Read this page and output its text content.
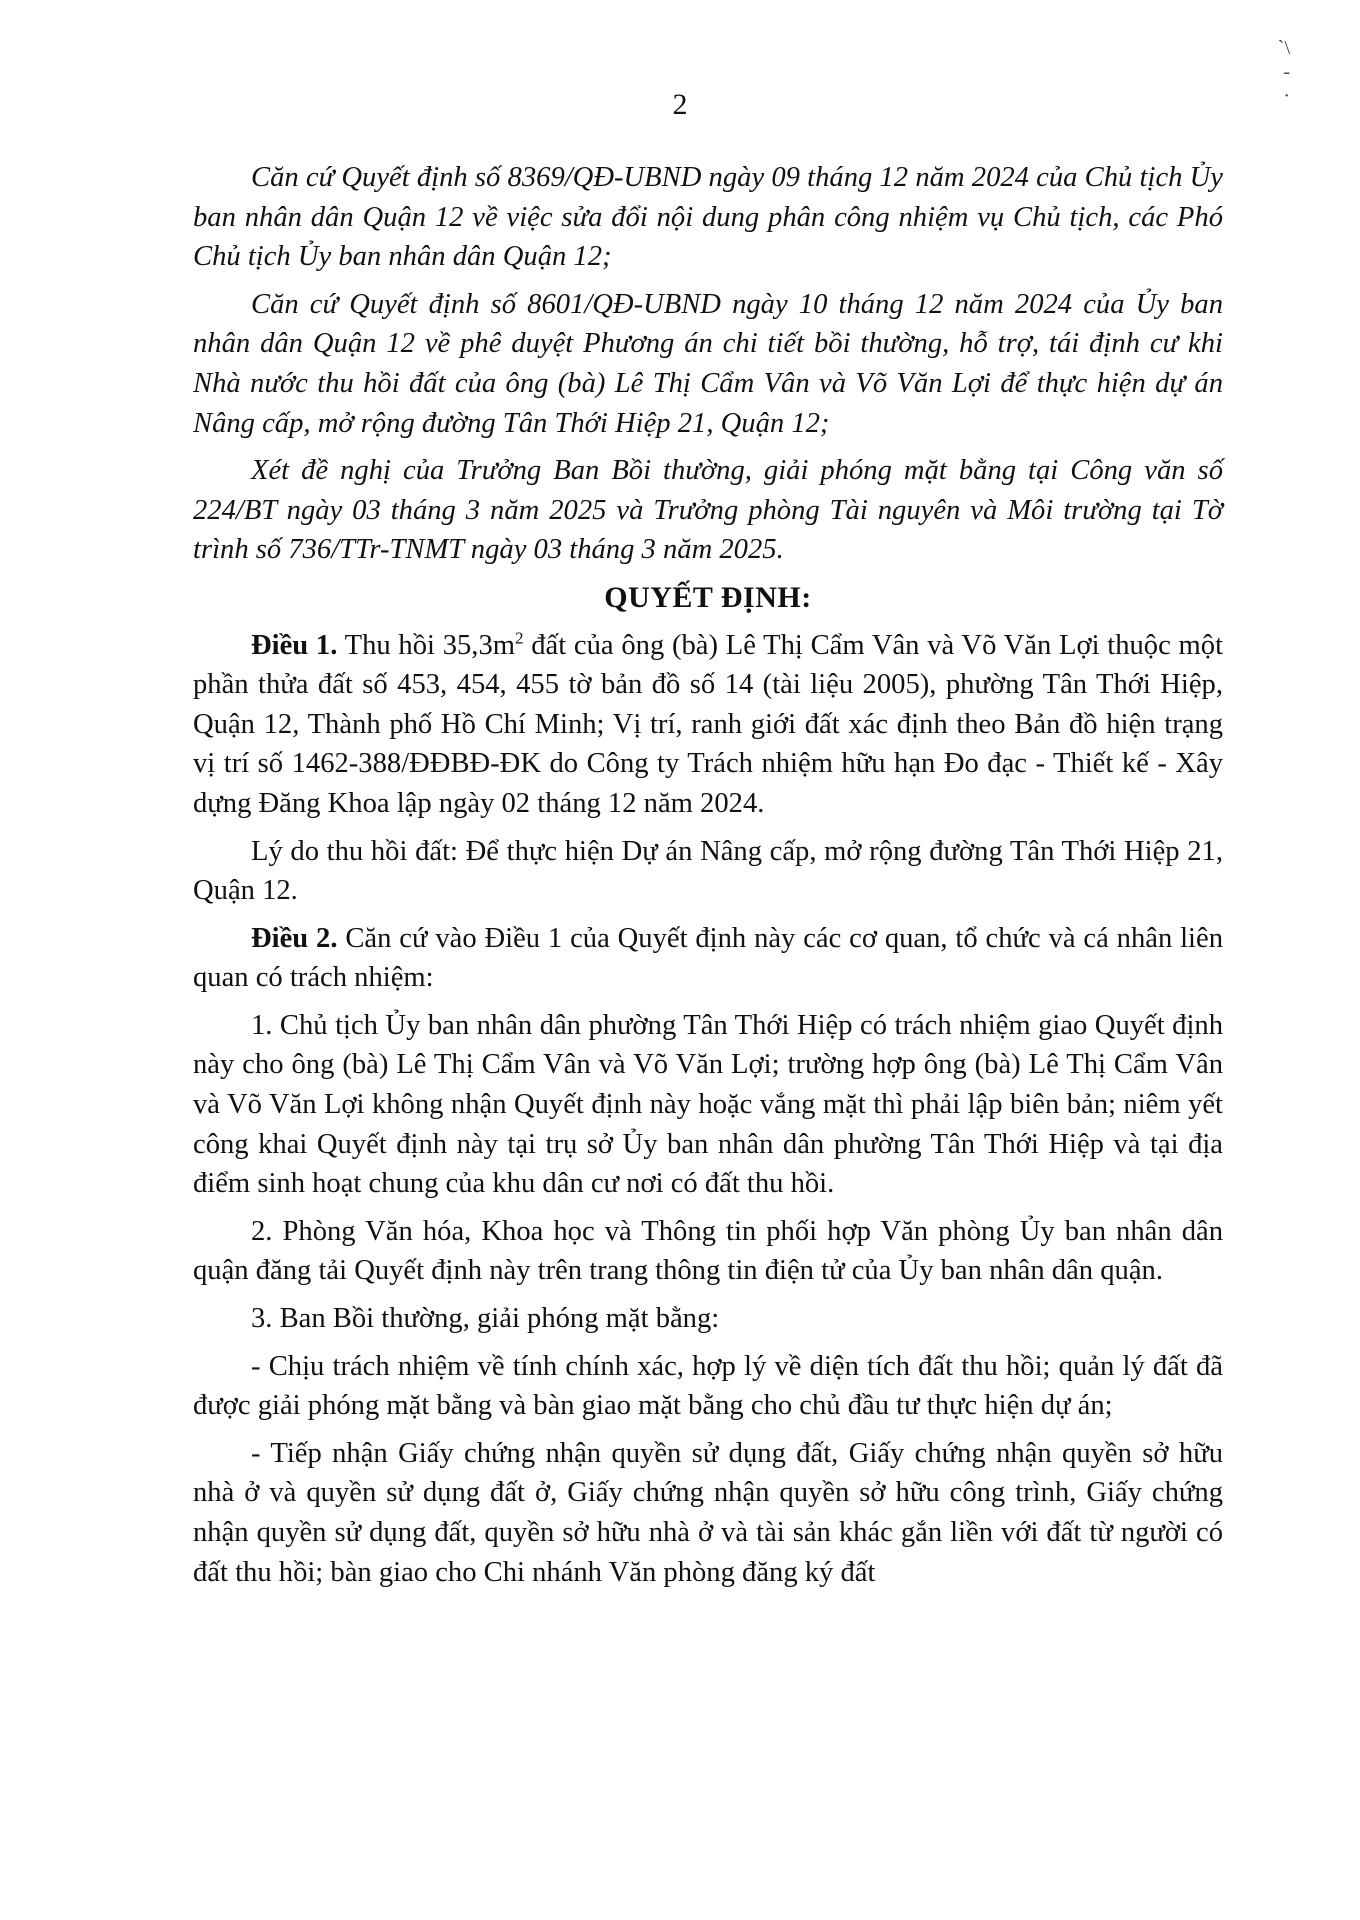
`\
-
·
2

Căn cứ Quyết định số 8369/QĐ-UBND ngày 09 tháng 12 năm 2024 của Chủ tịch Ủy ban nhân dân Quận 12 về việc sửa đổi nội dung phân công nhiệm vụ Chủ tịch, các Phó Chủ tịch Ủy ban nhân dân Quận 12;

Căn cứ Quyết định số 8601/QĐ-UBND ngày 10 tháng 12 năm 2024 của Ủy ban nhân dân Quận 12 về phê duyệt Phương án chi tiết bồi thường, hỗ trợ, tái định cư khi Nhà nước thu hồi đất của ông (bà) Lê Thị Cẩm Vân và Võ Văn Lợi để thực hiện dự án Nâng cấp, mở rộng đường Tân Thới Hiệp 21, Quận 12;

Xét đề nghị của Trưởng Ban Bồi thường, giải phóng mặt bằng tại Công văn số 224/BT ngày 03 tháng 3 năm 2025 và Trưởng phòng Tài nguyên và Môi trường tại Tờ trình số 736/TTr-TNMT ngày 03 tháng 3 năm 2025.

QUYẾT ĐỊNH:

Điều 1. Thu hồi $35,3m^2$ đất của ông (bà) Lê Thị Cẩm Vân và Võ Văn Lợi thuộc một phần thửa đất số 453, 454, 455 tờ bản đồ số 14 (tài liệu 2005), phường Tân Thới Hiệp, Quận 12, Thành phố Hồ Chí Minh; Vị trí, ranh giới đất xác định theo Bản đồ hiện trạng vị trí số 1462-388/ĐĐBĐ-ĐK do Công ty Trách nhiệm hữu hạn Đo đạc - Thiết kế - Xây dựng Đăng Khoa lập ngày 02 tháng 12 năm 2024.

Lý do thu hồi đất: Để thực hiện Dự án Nâng cấp, mở rộng đường Tân Thới Hiệp 21, Quận 12.

Điều 2. Căn cứ vào Điều 1 của Quyết định này các cơ quan, tổ chức và cá nhân liên quan có trách nhiệm:

1. Chủ tịch Ủy ban nhân dân phường Tân Thới Hiệp có trách nhiệm giao Quyết định này cho ông (bà) Lê Thị Cẩm Vân và Võ Văn Lợi; trường hợp ông (bà) Lê Thị Cẩm Vân và Võ Văn Lợi không nhận Quyết định này hoặc vắng mặt thì phải lập biên bản; niêm yết công khai Quyết định này tại trụ sở Ủy ban nhân dân phường Tân Thới Hiệp và tại địa điểm sinh hoạt chung của khu dân cư nơi có đất thu hồi.

2. Phòng Văn hóa, Khoa học và Thông tin phối hợp Văn phòng Ủy ban nhân dân quận đăng tải Quyết định này trên trang thông tin điện tử của Ủy ban nhân dân quận.

3. Ban Bồi thường, giải phóng mặt bằng:

- Chịu trách nhiệm về tính chính xác, hợp lý về diện tích đất thu hồi; quản lý đất đã được giải phóng mặt bằng và bàn giao mặt bằng cho chủ đầu tư thực hiện dự án;

- Tiếp nhận Giấy chứng nhận quyền sử dụng đất, Giấy chứng nhận quyền sở hữu nhà ở và quyền sử dụng đất ở, Giấy chứng nhận quyền sở hữu công trình, Giấy chứng nhận quyền sử dụng đất, quyền sở hữu nhà ở và tài sản khác gắn liền với đất từ người có đất thu hồi; bàn giao cho Chi nhánh Văn phòng đăng ký đất
